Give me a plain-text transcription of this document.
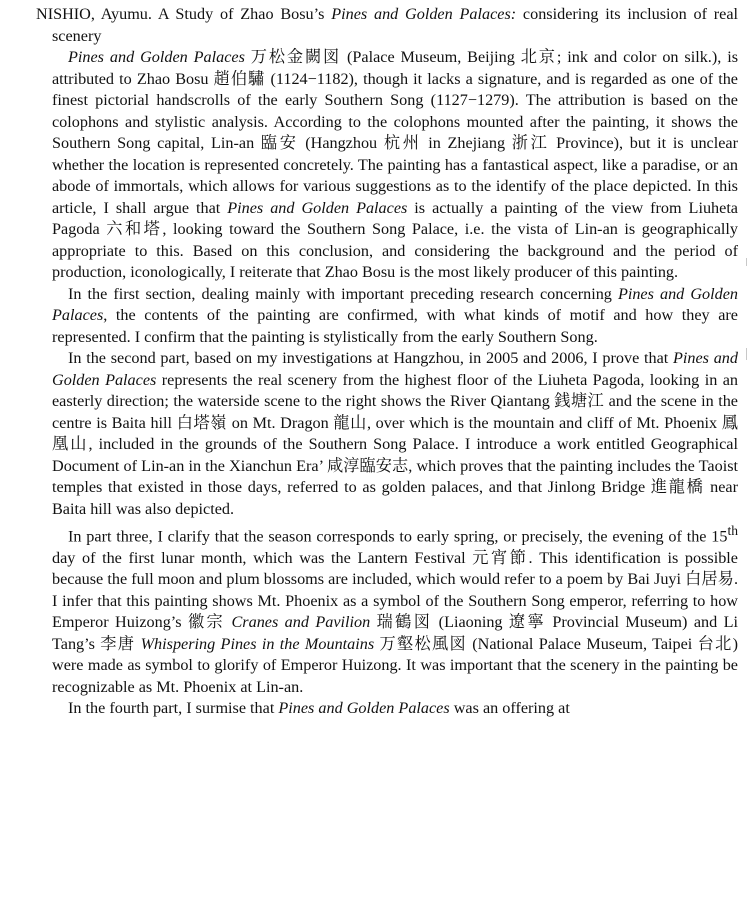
NISHIO, Ayumu. A Study of Zhao Bosu’s Pines and Golden Palaces: considering its inclusion of real scenery

Pines and Golden Palaces 万松金闕図 (Palace Museum, Beijing 北京; ink and color on silk.), is attributed to Zhao Bosu 趙伯驌 (1124−1182), though it lacks a signature, and is regarded as one of the finest pictorial handscrolls of the early Southern Song (1127−1279). The attribution is based on the colophons and stylistic analysis. According to the colophons mounted after the painting, it shows the Southern Song capital, Lin-an 臨安 (Hangzhou 杭州 in Zhejiang 浙江 Province), but it is unclear whether the location is represented concretely. The painting has a fantastical aspect, like a paradise, or an abode of immortals, which allows for various suggestions as to the identify of the place depicted. In this article, I shall argue that Pines and Golden Palaces is actually a painting of the view from Liuheta Pagoda 六和塔, looking toward the Southern Song Palace, i.e. the vista of Lin-an is geographically appropriate to this. Based on this conclusion, and considering the background and the period of production, iconologically, I reiterate that Zhao Bosu is the most likely producer of this painting.

In the first section, dealing mainly with important preceding research concerning Pines and Golden Palaces, the contents of the painting are confirmed, with what kinds of motif and how they are represented. I confirm that the painting is stylistically from the early Southern Song.

In the second part, based on my investigations at Hangzhou, in 2005 and 2006, I prove that Pines and Golden Palaces represents the real scenery from the highest floor of the Liuheta Pagoda, looking in an easterly direction; the waterside scene to the right shows the River Qiantang 銭塘江 and the scene in the centre is Baita hill 白塔嶺 on Mt. Dragon 龍山, over which is the mountain and cliff of Mt. Phoenix 鳳凰山, included in the grounds of the Southern Song Palace. I introduce a work entitled Geographical Document of Lin-an in the Xianchun Era’ 咸淳臨安志, which proves that the painting includes the Taoist temples that existed in those days, referred to as golden palaces, and that Jinlong Bridge 進龍橋 near Baita hill was also depicted.

In part three, I clarify that the season corresponds to early spring, or precisely, the evening of the 15th day of the first lunar month, which was the Lantern Festival 元宵節. This identification is possible because the full moon and plum blossoms are included, which would refer to a poem by Bai Juyi 白居易. I infer that this painting shows Mt. Phoenix as a symbol of the Southern Song emperor, referring to how Emperor Huizong’s 徽宗 Cranes and Pavilion 瑞鶴図 (Liaoning 遼寧 Provincial Museum) and Li Tang’s 李唐 Whispering Pines in the Mountains 万壑松風図 (National Palace Museum, Taipei 台北) were made as symbol to glorify of Emperor Huizong. It was important that the scenery in the painting be recognizable as Mt. Phoenix at Lin-an.

In the fourth part, I surmise that Pines and Golden Palaces was an offering at
